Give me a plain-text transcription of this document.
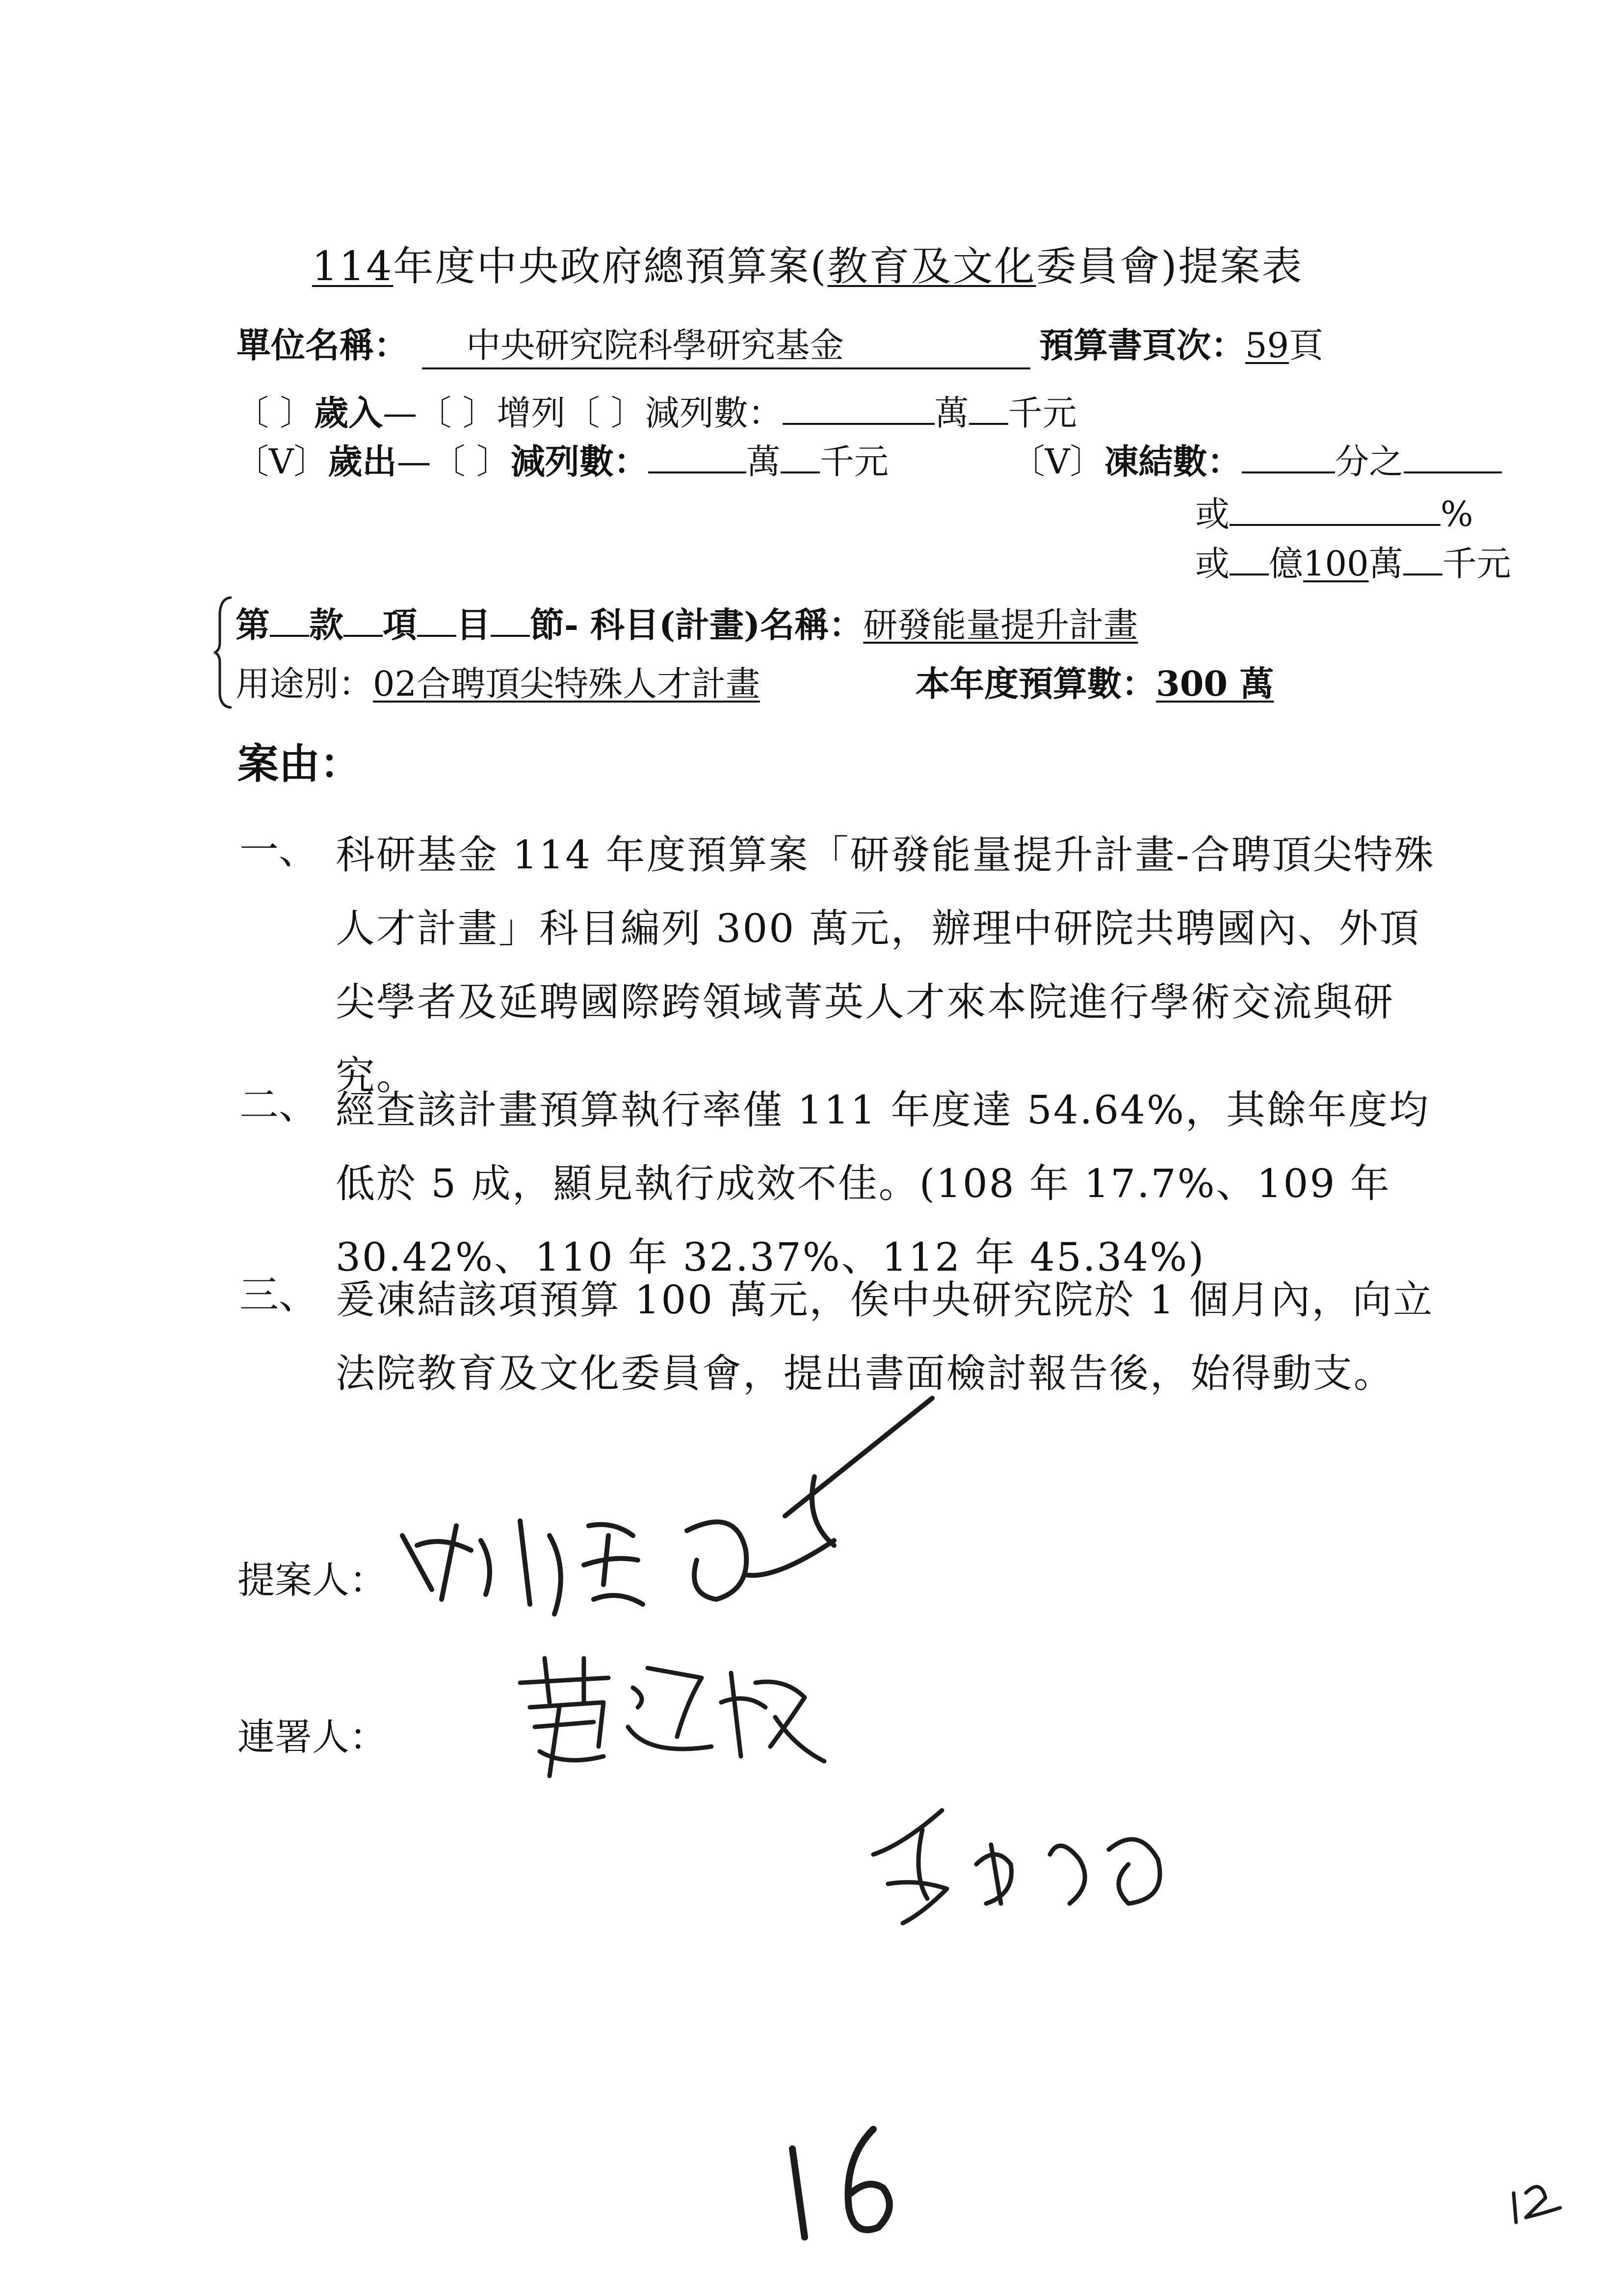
114年度中央政府總預算案(教育及文化委員會)提案表
單位名稱： 中央研究院科學研究基金	預算書頁次：59頁
〔 〕歲入—〔 〕增列〔 〕減列數：	萬 千元
〔V〕歲出—〔 〕減列數：	萬 千元	〔V〕凍結數：	分之
或	%
或 億100萬 千元
第 款 項 目 節- 科目(計畫)名稱：研發能量提升計畫
用途別：02合聘頂尖特殊人才計畫	本年度預算數：300 萬
案由：
一、 科研基金 114 年度預算案「研發能量提升計畫-合聘頂尖特殊人才計畫」科目編列 300 萬元，辦理中研院共聘國內、外頂尖學者及延聘國際跨領域菁英人才來本院進行學術交流與研究。
二、 經查該計畫預算執行率僅 111 年度達 54.64%，其餘年度均低於 5 成，顯見執行成效不佳。(108 年 17.7%、109 年 30.42%、110 年 32.37%、112 年 45.34%)
三、 爰凍結該項預算 100 萬元，俟中央研究院於 1 個月內，向立法院教育及文化委員會，提出書面檢討報告後，始得動支。
提案人：
連署人：
16
12
